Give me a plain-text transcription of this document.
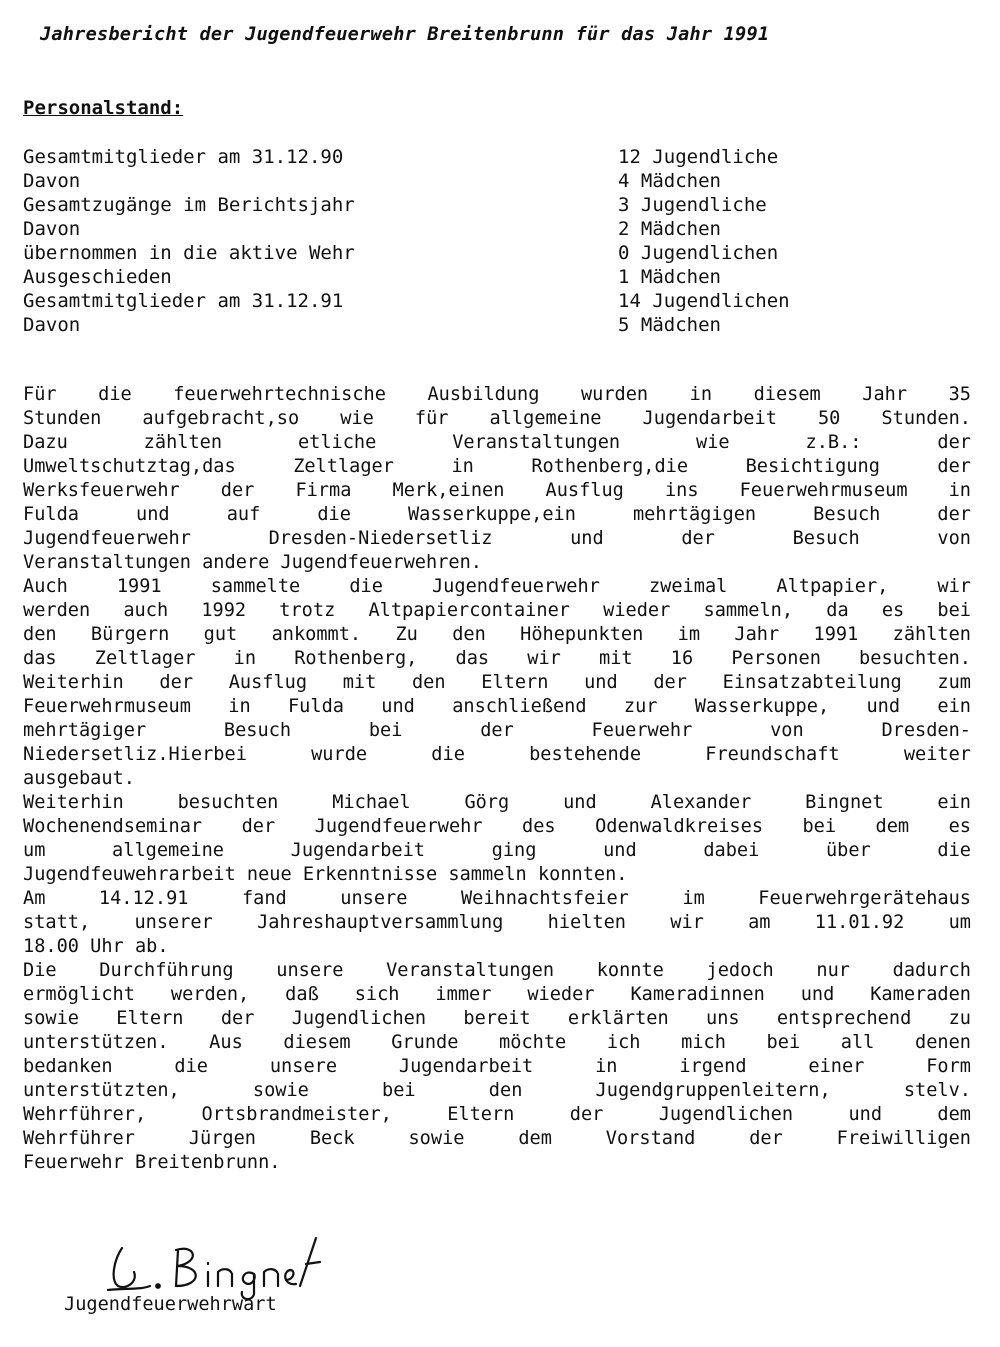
Jahresbericht der Jugendfeuerwehr Breitenbrunn für das Jahr 1991
Personalstand:
Gesamtmitglieder am 31.12.90	12 Jugendliche
Davon	4 Mädchen
Gesamtzugänge im Berichtsjahr	3 Jugendliche
Davon	2 Mädchen
übernommen in die aktive Wehr	0 Jugendlichen
Ausgeschieden	1 Mädchen
Gesamtmitglieder am 31.12.91	14 Jugendlichen
Davon	5 Mädchen
Für die feuerwehrtechnische Ausbildung wurden in diesem Jahr 35
Stunden aufgebracht,so wie für allgemeine Jugendarbeit 50 Stunden.
Dazu zählten etliche Veranstaltungen wie z.B.: der
Umweltschutztag,das Zeltlager in Rothenberg,die Besichtigung der
Werksfeuerwehr der Firma Merk,einen Ausflug ins Feuerwehrmuseum in
Fulda und auf die Wasserkuppe,ein mehrtägigen Besuch der
Jugendfeuerwehr Dresden-Niedersetliz und der Besuch von
Veranstaltungen andere Jugendfeuerwehren.
Auch 1991 sammelte die Jugendfeuerwehr zweimal Altpapier, wir
werden auch 1992 trotz Altpapiercontainer wieder sammeln, da es bei
den Bürgern gut ankommt. Zu den Höhepunkten im Jahr 1991 zählten
das Zeltlager in Rothenberg, das wir mit 16 Personen besuchten.
Weiterhin der Ausflug mit den Eltern und der Einsatzabteilung zum
Feuerwehrmuseum in Fulda und anschließend zur Wasserkuppe, und ein
mehrtägiger Besuch bei der Feuerwehr von Dresden-
Niedersetliz.Hierbei wurde die bestehende Freundschaft weiter
ausgebaut.
Weiterhin besuchten Michael Görg und Alexander Bingnet ein
Wochenendseminar der Jugendfeuerwehr des Odenwaldkreises bei dem es
um allgemeine Jugendarbeit ging und dabei über die
Jugendfeuwehrarbeit neue Erkenntnisse sammeln konnten.
Am 14.12.91 fand unsere Weihnachtsfeier im Feuerwehrgerätehaus
statt, unserer Jahreshauptversammlung hielten wir am 11.01.92 um
18.00 Uhr ab.
Die Durchführung unsere Veranstaltungen konnte jedoch nur dadurch
ermöglicht werden, daß sich immer wieder Kameradinnen und Kameraden
sowie Eltern der Jugendlichen bereit erklärten uns entsprechend zu
unterstützen. Aus diesem Grunde möchte ich mich bei all denen
bedanken die unsere Jugendarbeit in irgend einer Form
unterstützten, sowie bei den Jugendgruppenleitern, stelv.
Wehrführer, Ortsbrandmeister, Eltern der Jugendlichen und dem
Wehrführer Jürgen Beck sowie dem Vorstand der Freiwilligen
Feuerwehr Breitenbrunn.
Jugendfeuerwehrwart
